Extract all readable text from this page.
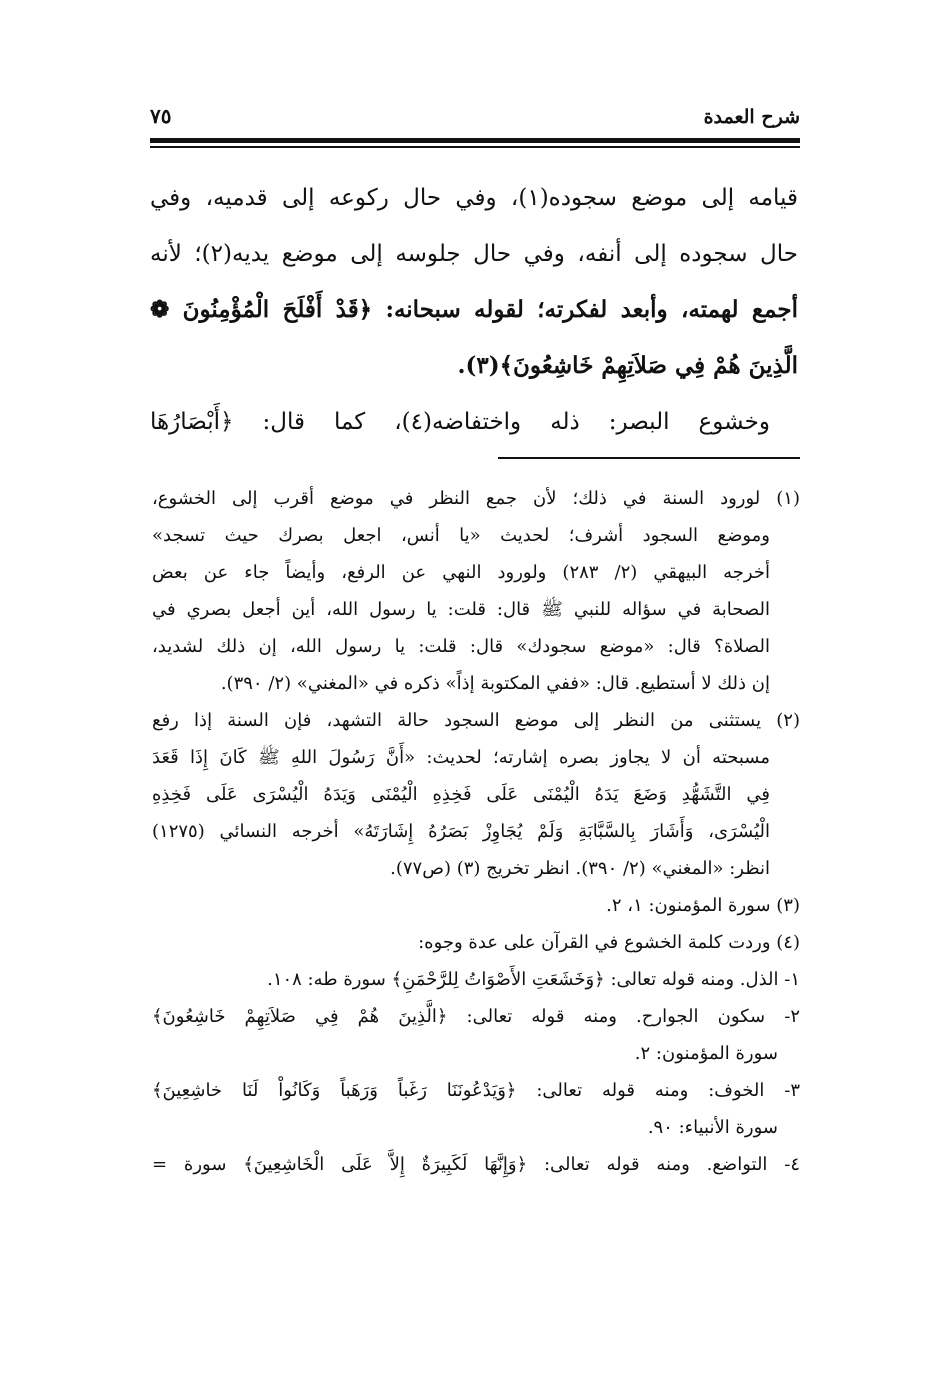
شرح العمدة
٧٥
قيامه إلى موضع سجوده(١)، وفي حال ركوعه إلى قدميه، وفي
حال سجوده إلى أنفه، وفي حال جلوسه إلى موضع يديه(٢)؛ لأنه
أجمع لهمته، وأبعد لفكرته؛ لقوله سبحانه: ﴿قَدْ أَفْلَحَ الْمُؤْمِنُونَ ❁
الَّذِينَ هُمْ فِي صَلاَتِهِمْ خَاشِعُونَ﴾(٣).
وخشوع البصر: ذله واختفاضه(٤)، كما قال: ﴿أَبْصَارُهَا
(١) لورود السنة في ذلك؛ لأن جمع النظر في موضع أقرب إلى الخشوع،
وموضع السجود أشرف؛ لحديث «يا أنس، اجعل بصرك حيث تسجد»
أخرجه البيهقي (٢/ ٢٨٣) ولورود النهي عن الرفع، وأيضاً جاء عن بعض
الصحابة في سؤاله للنبي ﷺ قال: قلت: يا رسول الله، أين أجعل بصري في
الصلاة؟ قال: «موضع سجودك» قال: قلت: يا رسول الله، إن ذلك لشديد،
إن ذلك لا أستطيع. قال: «ففي المكتوبة إذاً» ذكره في «المغني» (٢/ ٣٩٠).
(٢) يستثنى من النظر إلى موضع السجود حالة التشهد، فإن السنة إذا رفع
مسبحته أن لا يجاوز بصره إشارته؛ لحديث: «أَنَّ رَسُولَ اللهِ ﷺ كَانَ إِذَا قَعَدَ
فِي التَّشَهُّدِ وَضَعَ يَدَهُ الْيُمْنَى عَلَى فَخِذِهِ الْيُمْنَى وَيَدَهُ الْيُسْرَى عَلَى فَخِذِهِ
الْيُسْرَى، وَأَشَارَ بِالسَّبَّابَةِ وَلَمْ يُجَاوِزْ بَصَرُهُ إِشَارَتَهُ» أخرجه النسائي (١٢٧٥)
انظر: «المغني» (٢/ ٣٩٠). انظر تخريج (٣) (ص٧٧).
(٣) سورة المؤمنون: ١، ٢.
(٤) وردت كلمة الخشوع في القرآن على عدة وجوه:
١- الذل. ومنه قوله تعالى: ﴿وَخَشَعَتِ الأَصْوَاتُ لِلرَّحْمَنِ﴾ سورة طه: ١٠٨.
٢- سكون الجوارح. ومنه قوله تعالى: ﴿الَّذِينَ هُمْ فِي صَلاَتِهِمْ خَاشِعُونَ﴾
سورة المؤمنون: ٢.
٣- الخوف: ومنه قوله تعالى: ﴿وَيَدْعُونَنَا رَغَباً وَرَهَباً وَكَانُواْ لَنَا خاشِعِينَ﴾
سورة الأنبياء: ٩٠.
٤- التواضع. ومنه قوله تعالى: ﴿وَإِنَّهَا لَكَبِيرَةٌ إِلاَّ عَلَى الْخَاشِعِينَ﴾ سورة =
